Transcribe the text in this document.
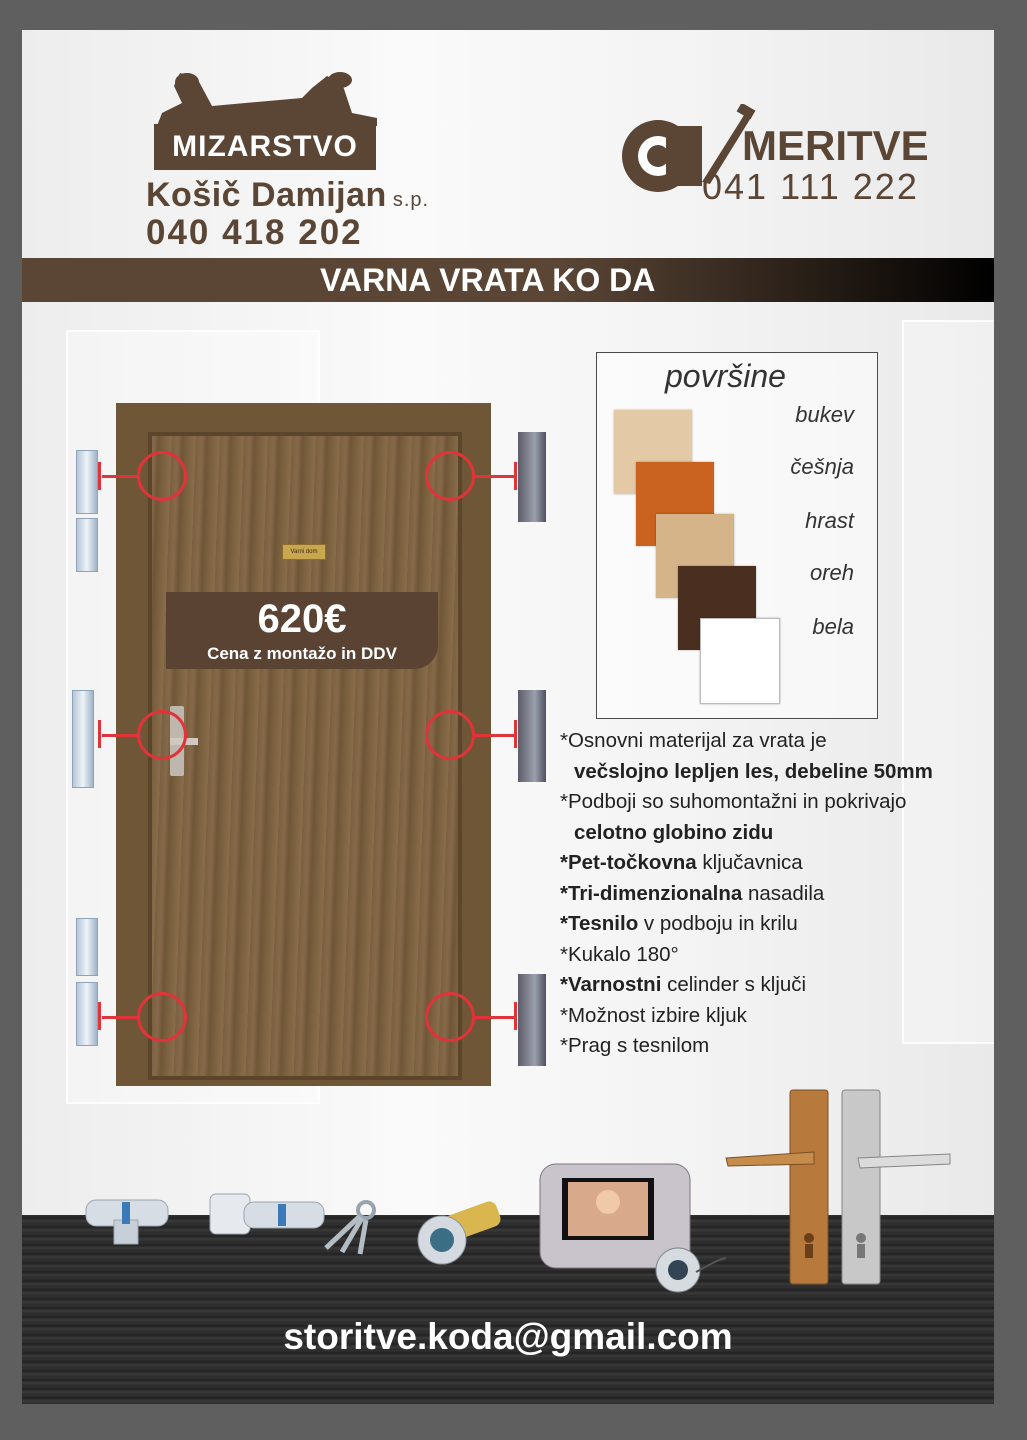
MIZARSTVO
Košič Damijan s.p.
040 418 202
MERITVE
041 111 222
VARNA VRATA KO DA
Varni dom
620€
Cena z montažo in DDV
površine
bukev
češnja
hrast
oreh
bela
*Osnovni materijal za vrata je
večslojno lepljen les, debeline 50mm
*Podboji so suhomontažni in pokrivajo
celotno globino zidu
*Pet-točkovna ključavnica
*Tri-dimenzionalna nasadila
*Tesnilo v podboju in krilu
*Kukalo 180°
*Varnostni celinder s ključi
*Možnost izbire kljuk
*Prag s tesnilom
storitve.koda@gmail.com
